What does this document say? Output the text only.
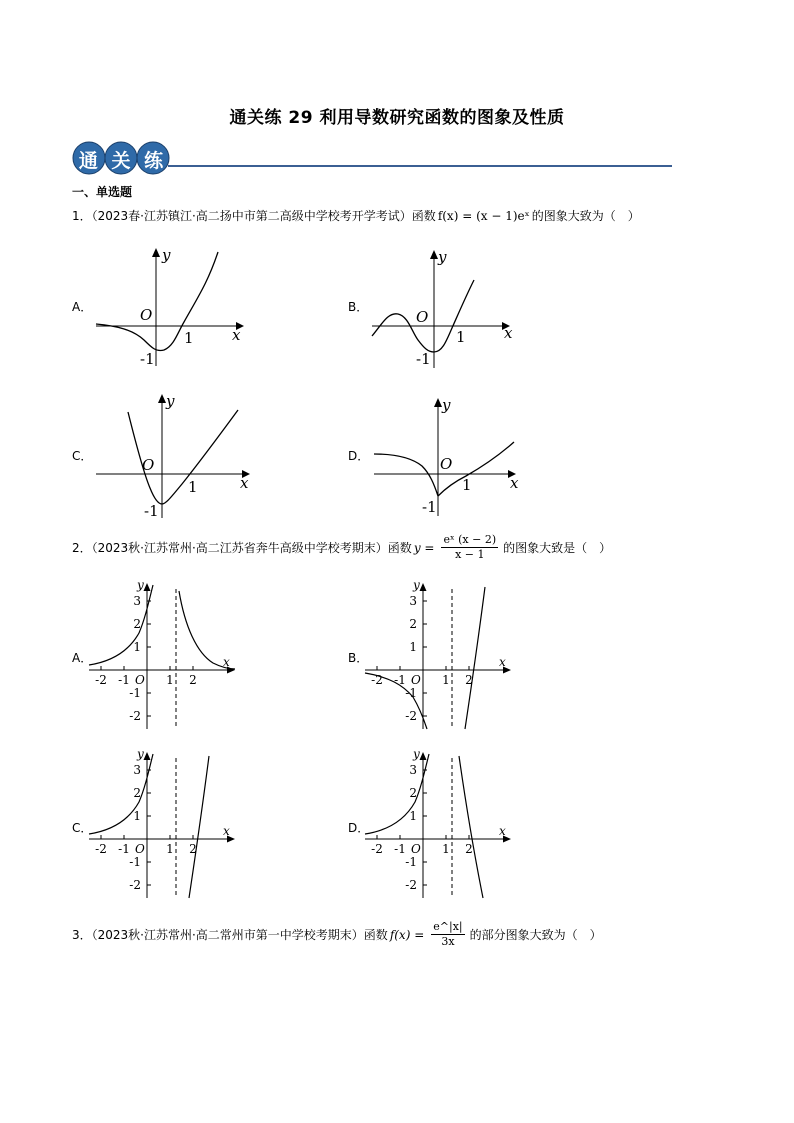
通关练 29 利用导数研究函数的图象及性质
通 关 练
一、单选题
1．（2023春·江苏镇江·高二扬中市第二高级中学校考开学考试）函数 f(x) = (x − 1)eˣ 的图象大致为（　）
A．	B．
C．	D．
y
x
O
1
-1
y
x
O
1
-1
y
x
O
1
-1
y
x
O
1
-1
2．（2023秋·江苏常州·高二江苏省奔牛高级中学校考期末）函数 $y = \frac{\text{eˣ (x − 2)}}{x - 1}$ 的图象大致是（　）
A．	B．
C．	D．
3
2
1
-1
-2
-2 -1	1 2
O
x
y
3
2
1
-1
-2
-2 -1	1 2
O
x
y
3
2
1
-1
-2
-2 -1	1 2
O
x
y
3
2
1
-1
-2
-2 -1	1 2
O
x
y
3．（2023秋·江苏常州·高二常州市第一中学校考期末）函数 $f(x) = \frac{e\^{}|x|}{3x}$ 的部分图象大致为（　）
